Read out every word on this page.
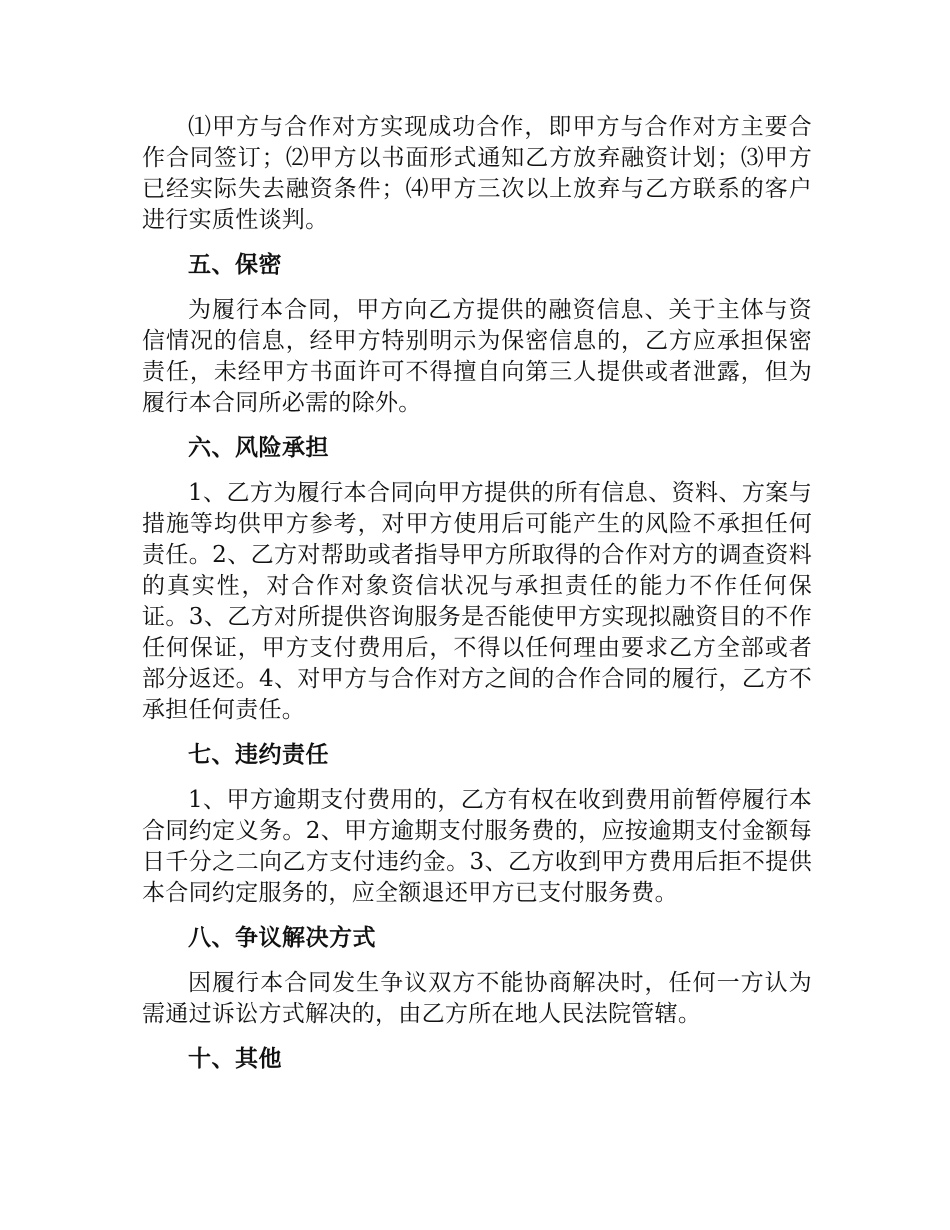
⑴甲方与合作对方实现成功合作，即甲方与合作对方主要合作合同签订；⑵甲方以书面形式通知乙方放弃融资计划；⑶甲方已经实际失去融资条件；⑷甲方三次以上放弃与乙方联系的客户进行实质性谈判。

五、保密

为履行本合同，甲方向乙方提供的融资信息、关于主体与资信情况的信息，经甲方特别明示为保密信息的，乙方应承担保密责任，未经甲方书面许可不得擅自向第三人提供或者泄露，但为履行本合同所必需的除外。

六、风险承担

1、乙方为履行本合同向甲方提供的所有信息、资料、方案与措施等均供甲方参考，对甲方使用后可能产生的风险不承担任何责任。2、乙方对帮助或者指导甲方所取得的合作对方的调查资料的真实性，对合作对象资信状况与承担责任的能力不作任何保证。3、乙方对所提供咨询服务是否能使甲方实现拟融资目的不作任何保证，甲方支付费用后，不得以任何理由要求乙方全部或者部分返还。4、对甲方与合作对方之间的合作合同的履行，乙方不承担任何责任。

七、违约责任

1、甲方逾期支付费用的，乙方有权在收到费用前暂停履行本合同约定义务。2、甲方逾期支付服务费的，应按逾期支付金额每日千分之二向乙方支付违约金。3、乙方收到甲方费用后拒不提供本合同约定服务的，应全额退还甲方已支付服务费。

八、争议解决方式

因履行本合同发生争议双方不能协商解决时，任何一方认为需通过诉讼方式解决的，由乙方所在地人民法院管辖。

十、其他
